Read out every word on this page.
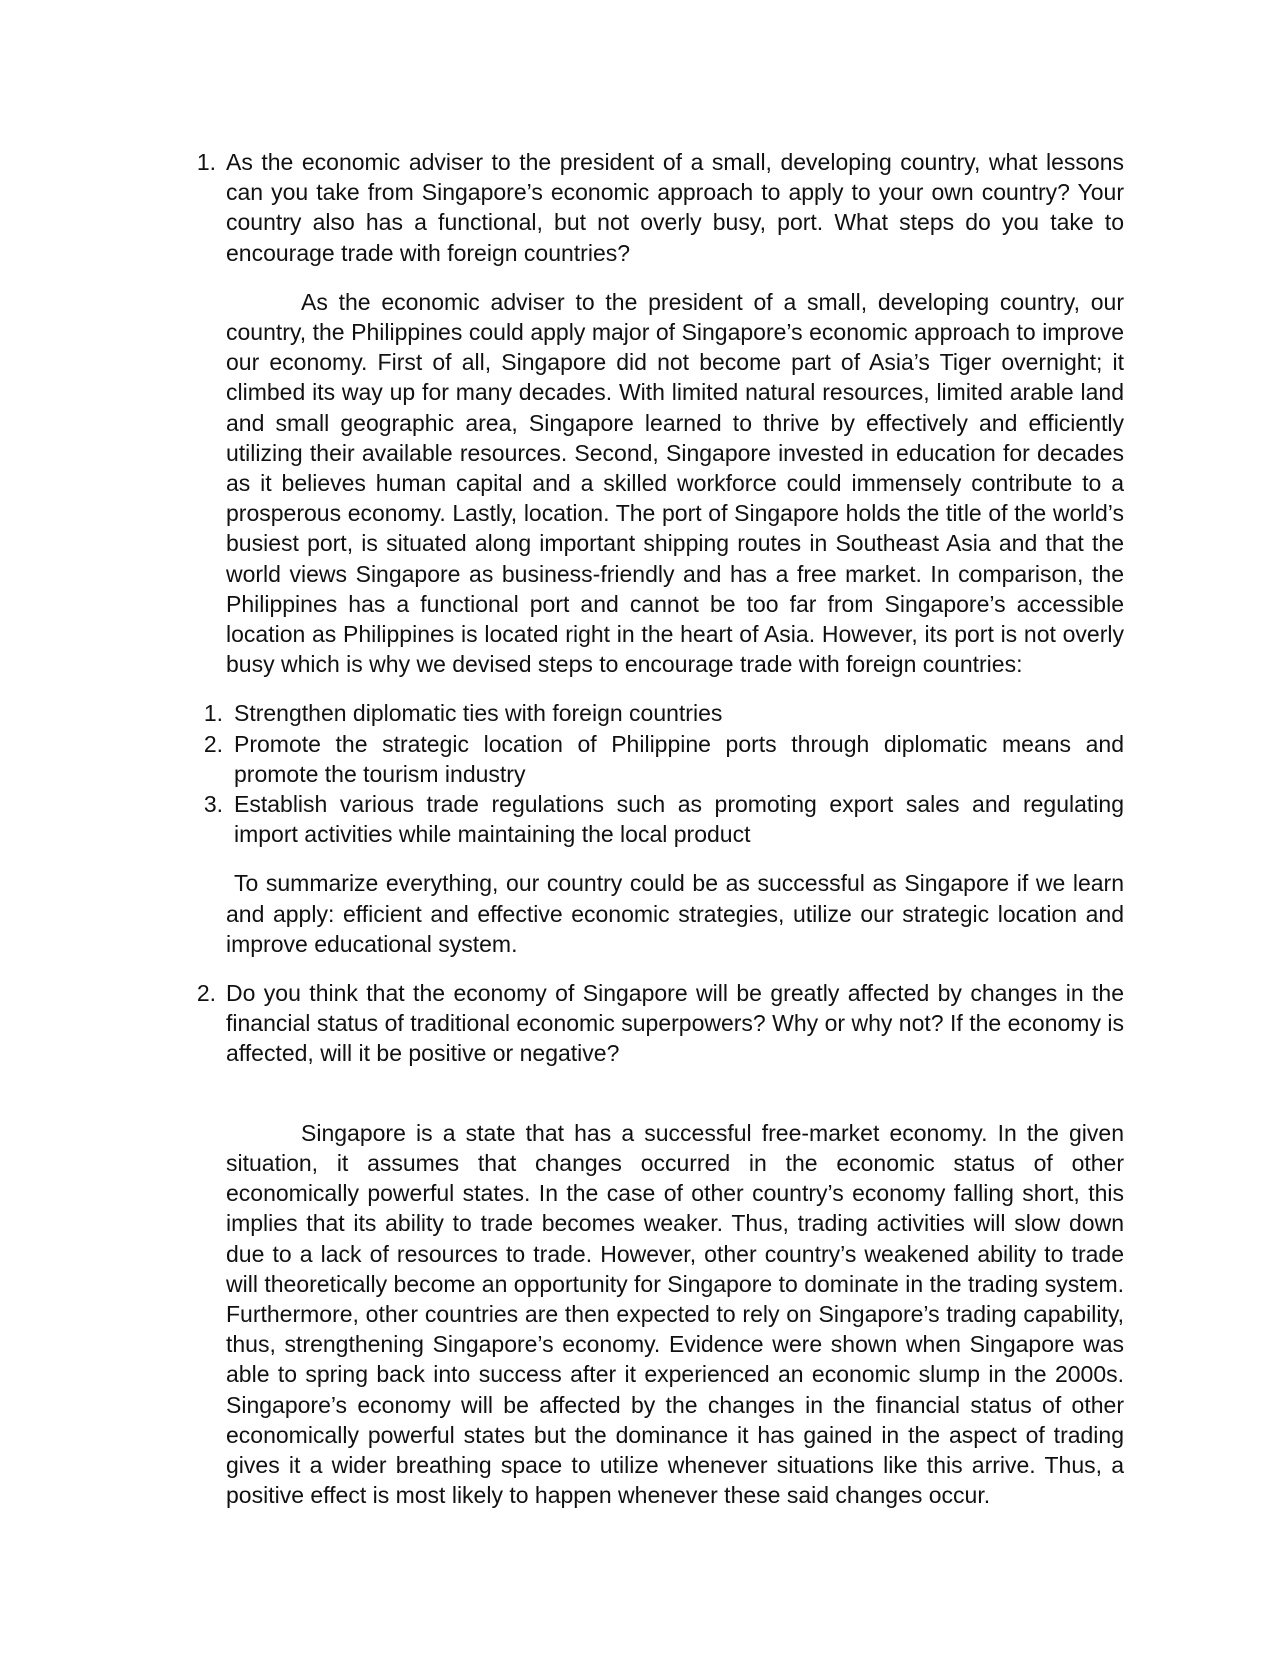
1. As the economic adviser to the president of a small, developing country, what lessons can you take from Singapore’s economic approach to apply to your own country? Your country also has a functional, but not overly busy, port. What steps do you take to encourage trade with foreign countries?

As the economic adviser to the president of a small, developing country, our country, the Philippines could apply major of Singapore’s economic approach to improve our economy. First of all, Singapore did not become part of Asia’s Tiger overnight; it climbed its way up for many decades. With limited natural resources, limited arable land and small geographic area, Singapore learned to thrive by effectively and efficiently utilizing their available resources. Second, Singapore invested in education for decades as it believes human capital and a skilled workforce could immensely contribute to a prosperous economy. Lastly, location. The port of Singapore holds the title of the world’s busiest port, is situated along important shipping routes in Southeast Asia and that the world views Singapore as business-friendly and has a free market. In comparison, the Philippines has a functional port and cannot be too far from Singapore’s accessible location as Philippines is located right in the heart of Asia. However, its port is not overly busy which is why we devised steps to encourage trade with foreign countries:

1. Strengthen diplomatic ties with foreign countries
2. Promote the strategic location of Philippine ports through diplomatic means and promote the tourism industry
3. Establish various trade regulations such as promoting export sales and regulating import activities while maintaining the local product

To summarize everything, our country could be as successful as Singapore if we learn and apply: efficient and effective economic strategies, utilize our strategic location and improve educational system.

2. Do you think that the economy of Singapore will be greatly affected by changes in the financial status of traditional economic superpowers? Why or why not? If the economy is affected, will it be positive or negative?

Singapore is a state that has a successful free-market economy. In the given situation, it assumes that changes occurred in the economic status of other economically powerful states. In the case of other country’s economy falling short, this implies that its ability to trade becomes weaker. Thus, trading activities will slow down due to a lack of resources to trade. However, other country’s weakened ability to trade will theoretically become an opportunity for Singapore to dominate in the trading system. Furthermore, other countries are then expected to rely on Singapore’s trading capability, thus, strengthening Singapore’s economy. Evidence were shown when Singapore was able to spring back into success after it experienced an economic slump in the 2000s. Singapore’s economy will be affected by the changes in the financial status of other economically powerful states but the dominance it has gained in the aspect of trading gives it a wider breathing space to utilize whenever situations like this arrive. Thus, a positive effect is most likely to happen whenever these said changes occur.
